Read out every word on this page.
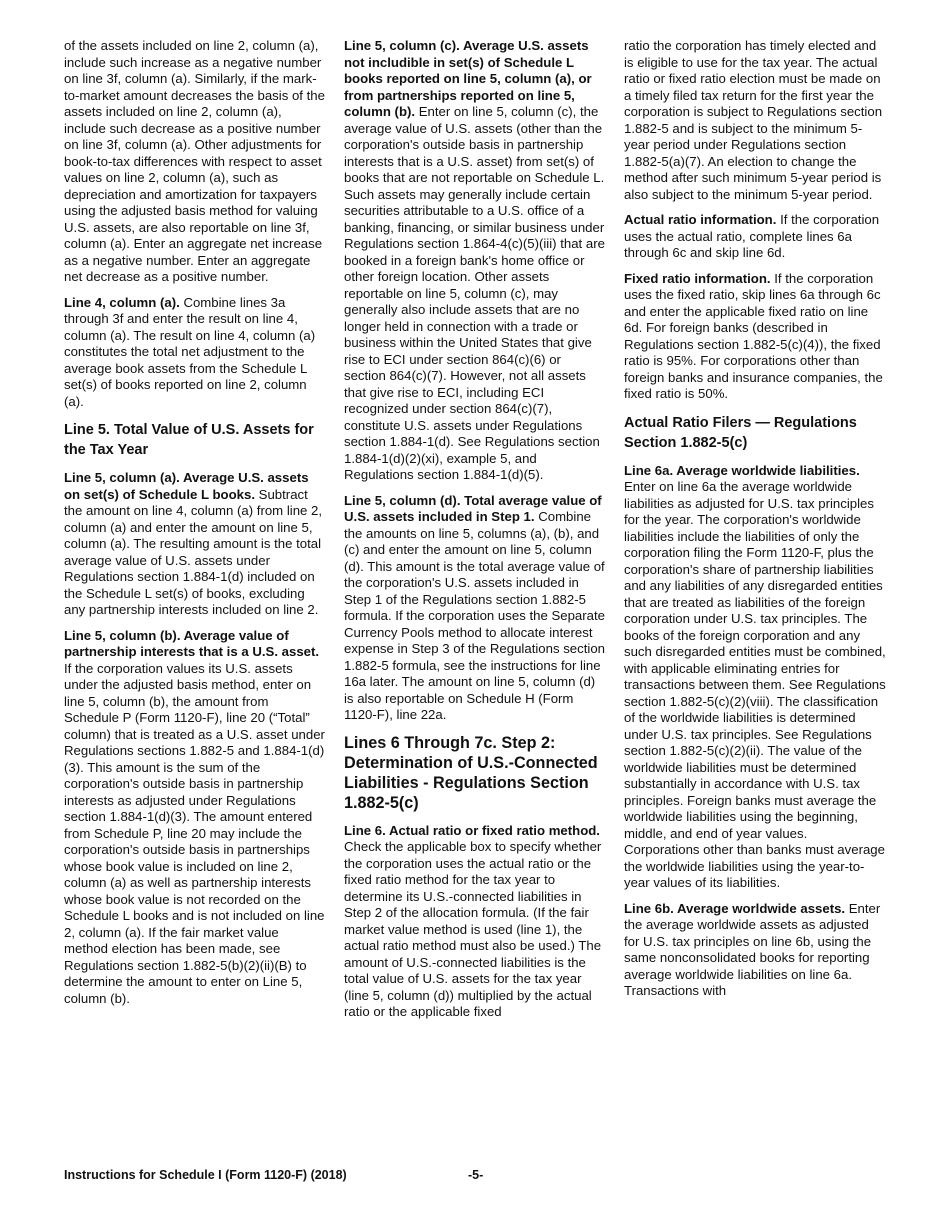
of the assets included on line 2, column (a), include such increase as a negative number on line 3f, column (a). Similarly, if the mark-to-market amount decreases the basis of the assets included on line 2, column (a), include such decrease as a positive number on line 3f, column (a). Other adjustments for book-to-tax differences with respect to asset values on line 2, column (a), such as depreciation and amortization for taxpayers using the adjusted basis method for valuing U.S. assets, are also reportable on line 3f, column (a). Enter an aggregate net increase as a negative number. Enter an aggregate net decrease as a positive number.

Line 4, column (a). Combine lines 3a through 3f and enter the result on line 4, column (a). The result on line 4, column (a) constitutes the total net adjustment to the average book assets from the Schedule L set(s) of books reported on line 2, column (a).

Line 5. Total Value of U.S. Assets for the Tax Year

Line 5, column (a). Average U.S. assets on set(s) of Schedule L books. Subtract the amount on line 4, column (a) from line 2, column (a) and enter the amount on line 5, column (a). The resulting amount is the total average value of U.S. assets under Regulations section 1.884-1(d) included on the Schedule L set(s) of books, excluding any partnership interests included on line 2.

Line 5, column (b). Average value of partnership interests that is a U.S. asset. If the corporation values its U.S. assets under the adjusted basis method, enter on line 5, column (b), the amount from Schedule P (Form 1120-F), line 20 (“Total” column) that is treated as a U.S. asset under Regulations sections 1.882-5 and 1.884-1(d)(3). This amount is the sum of the corporation's outside basis in partnership interests as adjusted under Regulations section 1.884-1(d)(3). The amount entered from Schedule P, line 20 may include the corporation's outside basis in partnerships whose book value is included on line 2, column (a) as well as partnership interests whose book value is not recorded on the Schedule L books and is not included on line 2, column (a). If the fair market value method election has been made, see Regulations section 1.882-5(b)(2)(ii)(B) to determine the amount to enter on Line 5, column (b).

Line 5, column (c). Average U.S. assets not includible in set(s) of Schedule L books reported on line 5, column (a), or from partnerships reported on line 5, column (b). Enter on line 5, column (c), the average value of U.S. assets (other than the corporation's outside basis in partnership interests that is a U.S. asset) from set(s) of books that are not reportable on Schedule L. Such assets may generally include certain securities attributable to a U.S. office of a banking, financing, or similar business under Regulations section 1.864-4(c)(5)(iii) that are booked in a foreign bank's home office or other foreign location. Other assets reportable on line 5, column (c), may generally also include assets that are no longer held in connection with a trade or business within the United States that give rise to ECI under section 864(c)(6) or section 864(c)(7). However, not all assets that give rise to ECI, including ECI recognized under section 864(c)(7), constitute U.S. assets under Regulations section 1.884-1(d). See Regulations section 1.884-1(d)(2)(xi), example 5, and Regulations section 1.884-1(d)(5).

Line 5, column (d). Total average value of U.S. assets included in Step 1. Combine the amounts on line 5, columns (a), (b), and (c) and enter the amount on line 5, column (d). This amount is the total average value of the corporation's U.S. assets included in Step 1 of the Regulations section 1.882-5 formula. If the corporation uses the Separate Currency Pools method to allocate interest expense in Step 3 of the Regulations section 1.882-5 formula, see the instructions for line 16a later. The amount on line 5, column (d) is also reportable on Schedule H (Form 1120-F), line 22a.

Lines 6 Through 7c. Step 2: Determination of U.S.-Connected Liabilities - Regulations Section 1.882-5(c)

Line 6. Actual ratio or fixed ratio method. Check the applicable box to specify whether the corporation uses the actual ratio or the fixed ratio method for the tax year to determine its U.S.-connected liabilities in Step 2 of the allocation formula. (If the fair market value method is used (line 1), the actual ratio method must also be used.) The amount of U.S.-connected liabilities is the total value of U.S. assets for the tax year (line 5, column (d)) multiplied by the actual ratio or the applicable fixed

ratio the corporation has timely elected and is eligible to use for the tax year. The actual ratio or fixed ratio election must be made on a timely filed tax return for the first year the corporation is subject to Regulations section 1.882-5 and is subject to the minimum 5-year period under Regulations section 1.882-5(a)(7). An election to change the method after such minimum 5-year period is also subject to the minimum 5-year period.

Actual ratio information. If the corporation uses the actual ratio, complete lines 6a through 6c and skip line 6d.

Fixed ratio information. If the corporation uses the fixed ratio, skip lines 6a through 6c and enter the applicable fixed ratio on line 6d. For foreign banks (described in Regulations section 1.882-5(c)(4)), the fixed ratio is 95%. For corporations other than foreign banks and insurance companies, the fixed ratio is 50%.

Actual Ratio Filers — Regulations Section 1.882-5(c)

Line 6a. Average worldwide liabilities. Enter on line 6a the average worldwide liabilities as adjusted for U.S. tax principles for the year. The corporation's worldwide liabilities include the liabilities of only the corporation filing the Form 1120-F, plus the corporation's share of partnership liabilities and any liabilities of any disregarded entities that are treated as liabilities of the foreign corporation under U.S. tax principles. The books of the foreign corporation and any such disregarded entities must be combined, with applicable eliminating entries for transactions between them. See Regulations section 1.882-5(c)(2)(viii). The classification of the worldwide liabilities is determined under U.S. tax principles. See Regulations section 1.882-5(c)(2)(ii). The value of the worldwide liabilities must be determined substantially in accordance with U.S. tax principles. Foreign banks must average the worldwide liabilities using the beginning, middle, and end of year values. Corporations other than banks must average the worldwide liabilities using the year-to-year values of its liabilities.

Line 6b. Average worldwide assets. Enter the average worldwide assets as adjusted for U.S. tax principles on line 6b, using the same nonconsolidated books for reporting average worldwide liabilities on line 6a. Transactions with

Instructions for Schedule I (Form 1120-F) (2018)	-5-
